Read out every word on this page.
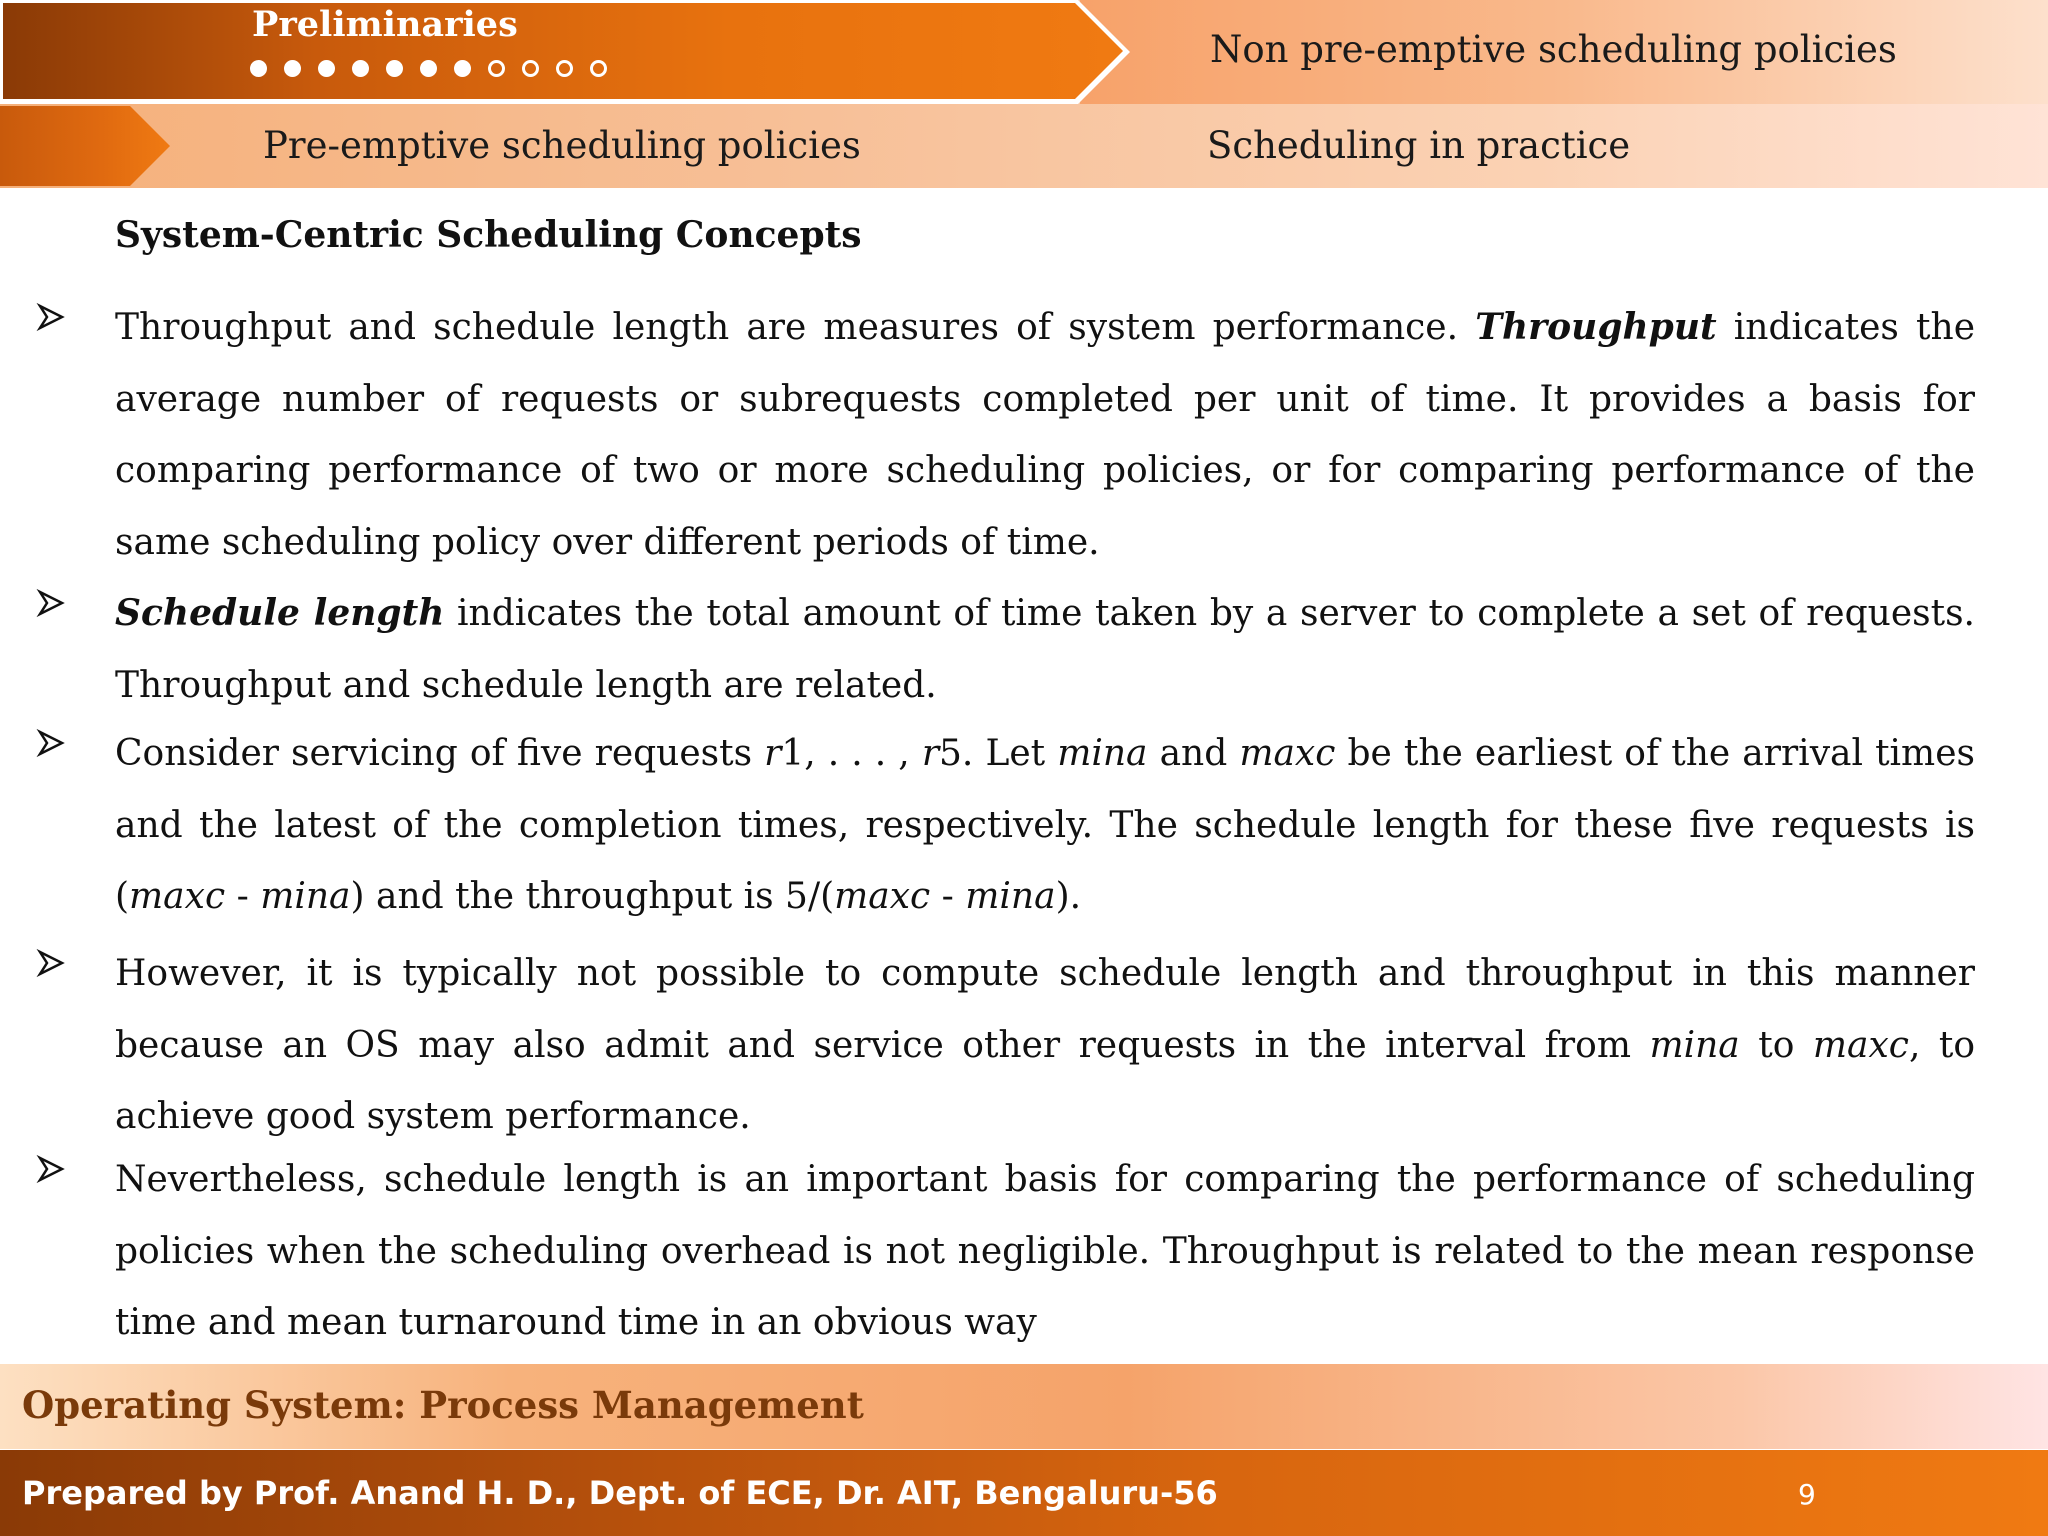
Preliminaries
Non pre-emptive scheduling policies
Pre-emptive scheduling policies	Scheduling in practice
System-Centric Scheduling Concepts

Throughput and schedule length are measures of system performance. Throughput indicates the average number of requests or subrequests completed per unit of time. It provides a basis for comparing performance of two or more scheduling policies, or for comparing performance of the same scheduling policy over different periods of time.

Schedule length indicates the total amount of time taken by a server to complete a set of requests. Throughput and schedule length are related.

Consider servicing of five requests r1, . . . , r5. Let mina and maxc be the earliest of the arrival times and the latest of the completion times, respectively. The schedule length for these five requests is (maxc - mina) and the throughput is 5/(maxc - mina).

However, it is typically not possible to compute schedule length and throughput in this manner because an OS may also admit and service other requests in the interval from mina to maxc, to achieve good system performance.

Nevertheless, schedule length is an important basis for comparing the performance of scheduling policies when the scheduling overhead is not negligible. Throughput is related to the mean response time and mean turnaround time in an obvious way

Operating System: Process Management
Prepared by Prof. Anand H. D., Dept. of ECE, Dr. AIT, Bengaluru-56	9
